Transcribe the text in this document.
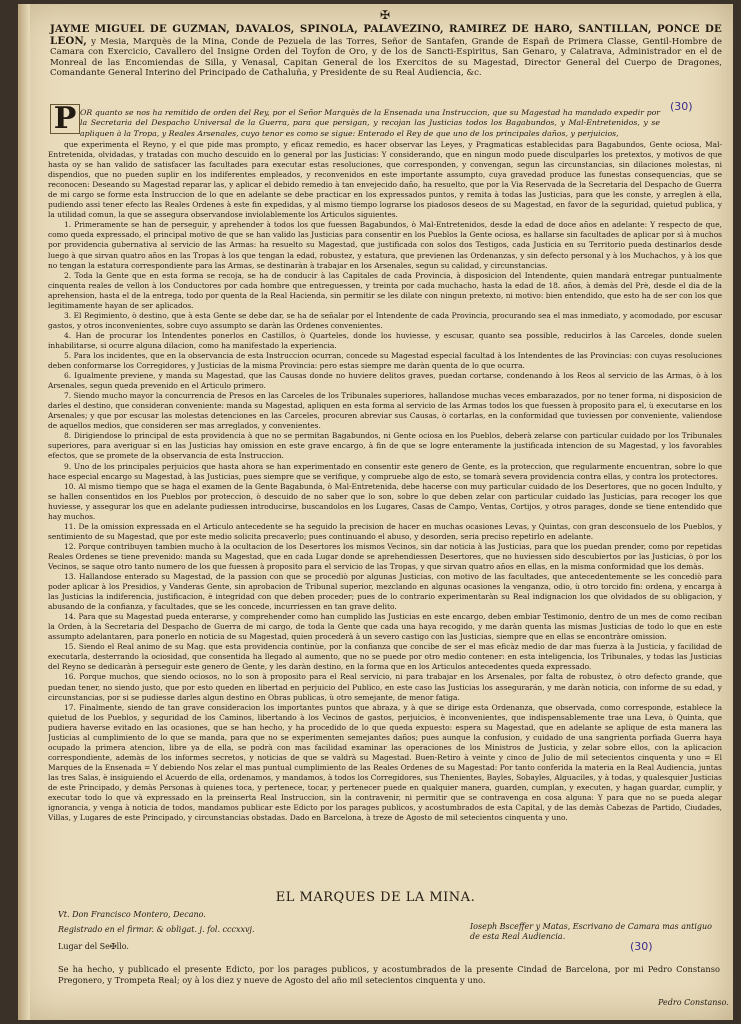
✠
JAYME MIGUEL DE GUZMAN, DAVALOS, SPINOLA, PALAVEZINO, RAMIREZ DE HARO, SANTILLAN, PONCE DE LEON, y Mesia, Marquès de la Mina, Conde de Pezuela de las Torres, Señor de Santafen, Grande de Españ de Primera Classe, Gentil-Hombre de Camara con Exercicio, Cavallero del Insigne Orden del Toyfon de Oro, y de los de Sancti-Espiritus, San Genaro, y Calatrava, Administrador en el de Monreal de las Encomiendas de Silla, y Venasal, Capitan General de los Exercitos de su Magestad, Director General del Cuerpo de Dragones, Comandante General Interino del Principado de Cathaluña, y Presidente de su Real Audiencia, &c.
(30)
P OR quanto se nos ha remitido de orden del Rey, por el Señor Marquès de la Ensenada una Instruccion, que su Magestad ha mandado expedir por la Secretaria del Despacho Universal de la Guerra, para que persigan, y recojan las Justicias todos los Bagabundos, y Mal-Entretenidos, y se apliquen à la Tropa, y Reales Arsenales, cuyo tenor es como se sigue: Enterado el Rey de que uno de los principales daños, y perjuicios,

que experimenta el Reyno, y el que pide mas prompto, y eficaz remedio, es hacer observar las Leyes, y Pragmaticas establecidas para Bagabundos, Gente ociosa, Mal-Entretenida, olvidadas, y tratadas con mucho descuido en lo general por las Justicias: Y considerando, que en ningun modo puede disculparles los pretextos, y motivos de que hasta oy se han valido de satisfacer las facultades para executar estas resoluciones, que corresponden, y convengan, segun las circunstancias, sin dilaciones molestas, ni dispendios, que no pueden suplir en los indiferentes empleados, y reconvenidos en este importante assumpto, cuya gravedad produce las funestas consequencias, que se reconocen: Deseando su Magestad reparar las, y aplicar el debido remedio à tan envejecido daño, ha resuelto, que por la Via Reservada de la Secretaria del Despacho de Guerra de mi cargo se forme esta Instruccion de lo que en adelante se debe practicar en los expressados puntos, y remita à todas las Justicias, para que les conste, y arreglen à ella, pudiendo assi tener efecto las Reales Ordenes à este fin expedidas, y al mismo tiempo lograrse los piadosos deseos de su Magestad, en favor de la seguridad, quietud publica, y la utilidad comun, la que se assegura observandose inviolablemente los Articulos siguientes.

1. Primeramente se han de perseguir, y aprehender à todos los que fuessen Bagabundos, ò Mal-Entretenidos, desde la edad de doce años en adelante: Y respecto de que, como queda expressado, el principal motivo de que se han valido las Justicias para consentir en los Pueblos la Gente ociosa, es hallarse sin facultades de aplicar por sì à muchos por providencia gubernativa al servicio de las Armas: ha resuelto su Magestad, que justificada con solos dos Testigos, cada Justicia en su Territorio pueda destinarlos desde luego à que sirvan quatro años en las Tropas à los que tengan la edad, robustez, y estatura, que previenen las Ordenanzas, y sin defecto personal y à los Muchachos, y à los que no tengan la estatura correspondiente para las Armas, se destinaràn à trabajar en los Arsenales, segun su calidad, y circunstancias.

2. Toda la Gente que en esta forma se recoja, se ha de conducir à las Capitales de cada Provincia, à disposicion del Intendente, quien mandarà entregar puntualmente cinquenta reales de vellon à los Conductores por cada hombre que entreguessen, y treinta por cada muchacho, hasta la edad de 18. años, à demàs del Prè, desde el dia de la aprehension, hasta el de la entrega, todo por quenta de la Real Hacienda, sin permitir se les dilate con ningun pretexto, ni motivo: bien entendido, que esto ha de ser con los que legitimamente hayan de ser aplicados.

3. El Regimiento, ò destino, que à esta Gente se debe dar, se ha de señalar por el Intendente de cada Provincia, procurando sea el mas inmediato, y acomodado, por escusar gastos, y otros inconvenientes, sobre cuyo assumpto se daràn las Ordenes convenientes.

4. Han de procurar los Intendentes ponerlos en Castillos, ò Quarteles, donde los huviesse, y escusar, quanto sea possible, reducirlos à las Carceles, donde suelen inhabilitarse, si ocurre alguna dilacion, como ha manifestado la experiencia.

5. Para los incidentes, que en la observancia de esta Instruccion ocurran, concede su Magestad especial facultad à los Intendentes de las Provincias: con cuyas resoluciones deben conformarse los Corregidores, y Justicias de la misma Provincia: pero estas siempre me daràn quenta de lo que ocurra.

6. Igualmente previene, y manda su Magestad, que las Causas donde no huviere delitos graves, puedan cortarse, condenando à los Reos al servicio de las Armas, ò à los Arsenales, segun queda prevenido en el Articulo primero.

7. Siendo mucho mayor la concurrencia de Presos en las Carceles de los Tribunales superiores, hallandose muchas veces embarazados, por no tener forma, ni disposicion de darles el destino, que consideran conveniente: manda su Magestad, apliquen en esta forma al servicio de las Armas todos los que fuessen à proposito para el, ù executarse en los Arsenales; y que por escusar las molestas detenciones en las Carceles, procuren abreviar sus Causas, ò cortarlas, en la conformidad que tuviessen por conveniente, valiendose de aquellos medios, que consideren ser mas arreglados, y convenientes.

8. Dirigiendose lo principal de esta providencia à que no se permitan Bagabundos, ni Gente ociosa en los Pueblos, deberà zelarse con particular cuidado por los Tribunales superiores, para averiguar si en las Justicias hay omission en este grave encargo, à fin de que se logre enteramente la justificada intencion de su Magestad, y los favorables efectos, que se promete de la observancia de esta Instruccion.

9. Uno de los principales perjuicios que hasta ahora se han experimentado en consentir este genero de Gente, es la proteccion, que regularmente encuentran, sobre lo que hace especial encargo su Magestad, à las Justicias, pues siempre que se verifique, y compruebe algo de esto, se tomarà severa providencia contra ellas, y contra los protectores.

10. Al mismo tiempo que se haga el examen de la Gente Bagabunda, ò Mal-Entretenida, debe hacerse con muy particular cuidado de los Desertores, que no gocen Indulto, y se hallen consentidos en los Pueblos por proteccion, ò descuido de no saber que lo son, sobre lo que deben zelar con particular cuidado las Justicias, para recoger los que huviesse, y assegurar los que en adelante pudiessen introducirse, buscandolos en los Lugares, Casas de Campo, Ventas, Cortijos, y otros parages, donde se tiene entendido que hay muchos.

11. De la omission expressada en el Articulo antecedente se ha seguido la precision de hacer en muchas ocasiones Levas, y Quintas, con gran desconsuelo de los Pueblos, y sentimiento de su Magestad, que por este medio solicita precaverlo; pues continuando el abuso, y desorden, seria preciso repetirlo en adelante.

12. Porque contribuyen tambien mucho à la ocultacion de los Desertores los mismos Vecinos, sin dar noticia à las Justicias, para que los puedan prender, como por repetidas Reales Ordenes se tiene prevenido: manda su Magestad, que en cada Lugar donde se aprehendiessen Desertores, que no huviessen sido descubiertos por las Justicias, ò por los Vecinos, se saque otro tanto numero de los que fuessen à proposito para el servicio de las Tropas, y que sirvan quatro años en ellas, en la misma conformidad que los demàs.

13. Hallandose enterado su Magestad, de la passion con que se procediò por algunas Justicias, con motivo de las facultades, que antecedentemente se les concediò para poder aplicar à los Presidios, y Vanderas Gente, sin aprobacion de Tribunal superior, mezclando en algunas ocasiones la venganza, odio, ù otro torcido fin: ordena, y encarga à las Justicias la indiferencia, justificacion, è integridad con que deben proceder; pues de lo contrario experimentaràn su Real indignacion los que olvidados de su obligacion, y abusando de la confianza, y facultades, que se les concede, incurriessen en tan grave delito.

14. Para que su Magestad pueda enterarse, y comprehender como han cumplido las Justicias en este encargo, deben embiar Testimonio, dentro de un mes de como reciban la Orden, à la Secretaria del Despacho de Guerra de mi cargo, de toda la Gente que cada una haya recogido, y me daràn quenta las mismas Justicias de todo lo que en este assumpto adelantaren, para ponerlo en noticia de su Magestad, quien procederà à un severo castigo con las Justicias, siempre que en ellas se encontràre omission.

15. Siendo el Real animo de su Mag. que esta providencia continùe, por la confianza que concibe de ser el mas eficàz medio de dar mas fuerza à la Justicia, y facilidad de executarla, desterrando la ociosidad, que consentida ha llegado al aumento, que no se puede por otro medio contener: en esta inteligencia, los Tribunales, y todas las Justicias del Reyno se dedicaràn à perseguir este genero de Gente, y les daràn destino, en la forma que en los Articulos antecedentes queda expressado.

16. Porque muchos, que siendo ociosos, no lo son à proposito para el Real servicio, ni para trabajar en los Arsenales, por falta de robustez, ò otro defecto grande, que puedan tener, no siendo justo, que por esto queden en libertad en perjuicio del Publico, en este caso las Justicias los assegurarán, y me daràn noticia, con informe de su edad, y circunstancias, por si se pudiesse darles algun destino en Obras publicas, ù otro semejante, de menor fatiga.

17. Finalmente, siendo de tan grave consideracion los importantes puntos que abraza, y à que se dirige esta Ordenanza, que observada, como corresponde, establece la quietud de los Pueblos, y seguridad de los Caminos, libertando à los Vecinos de gastos, perjuicios, è inconvenientes, que indispensablemente trae una Leva, ò Quinta, que pudiera haverse evitado en las ocasiones, que se han hecho, y ha procedido de lo que queda expuesto: espera su Magestad, que en adelante se aplique de esta manera las Justicias al cumplimiento de lo que se manda, para que no se experimenten semejantes daños; pues aunque la confusion, y cuidado de una sangrienta porfiada Guerra haya ocupado la primera atencion, libre ya de ella, se podrà con mas facilidad examinar las operaciones de los Ministros de Justicia, y zelar sobre ellos, con la aplicacion correspondiente, ademàs de los informes secretos, y noticias de que se valdrà su Magestad. Buen-Retiro à veinte y cinco de Julio de mil setecientos cinquenta y uno = El Marques de la Ensenada = Y debiendo Nos zelar el mas puntual cumplimiento de las Reales Ordenes de su Magestad: Por tanto conferida la materia en la Real Audiencia, juntas las tres Salas, è insiguiendo el Acuerdo de ella, ordenamos, y mandamos, à todos los Corregidores, sus Thenientes, Bayles, Sobayles, Alguaciles, y à todas, y qualesquier Justicias de este Principado, y demàs Personas à quienes toca, y pertenece, tocar, y pertenecer puede en qualquier manera, guarden, cumplan, y executen, y hagan guardar, cumplir, y executar todo lo que và expressado en la preinserta Real Instruccion, sin la contravenir, ni permitir que se contravenga en cosa alguna: Y para que no se pueda alegar ignorancia, y venga à noticia de todos, mandamos publicar este Edicto por los parages publicos, y acostumbrados de esta Capital, y de las demàs Cabezas de Partido, Ciudades, Villas, y Lugares de este Principado, y circunstancias obstadas. Dado en Barcelona, à treze de Agosto de mil setecientos cinquenta y uno.

EL MARQUES DE LA MINA.
Vt. Don Francisco Montero, Decano.
Registrado en el firmar. & obligat. j. fol. cccxxvj.
Lugar del Se✠llo.
Ioseph Bsceffer y Matas, Escrivano de Camara mas antiguo de esta Real Audiencia.
(30)
Se ha hecho, y publicado el presente Edicto, por los parages publicos, y acostumbrados de la presente Cindad de Barcelona, por mi Pedro Constanso Pregonero, y Trompeta Real; oy à los diez y nueve de Agosto del año mil setecientos cinquenta y uno.
Pedro Constanso.
